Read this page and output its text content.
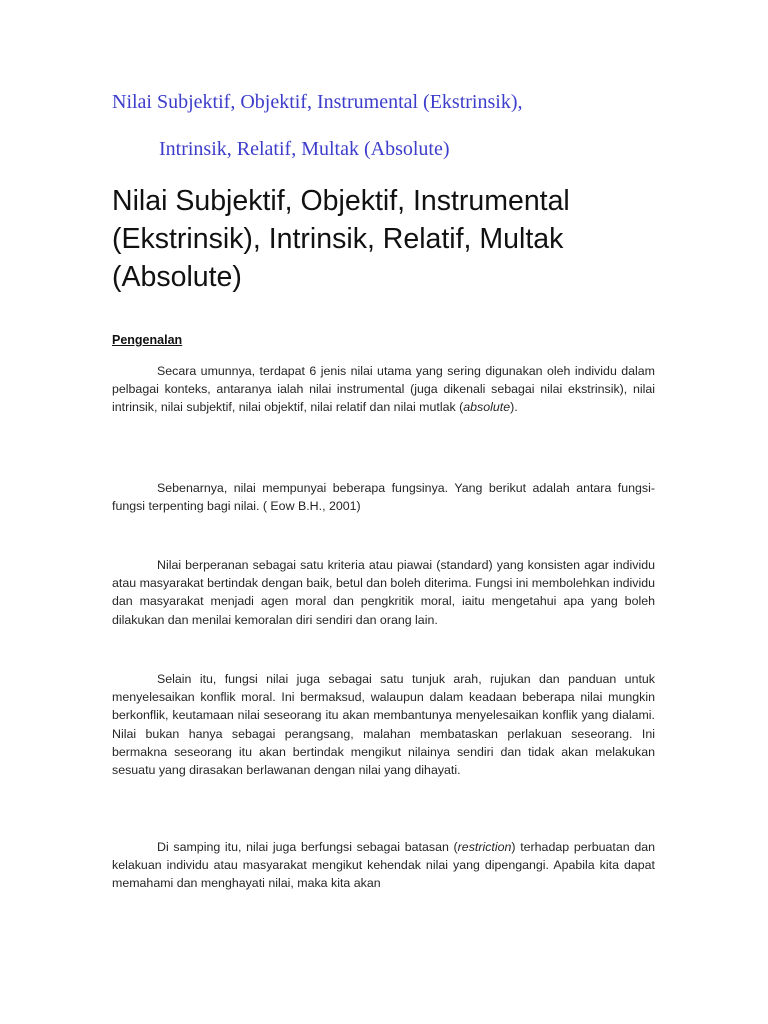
Nilai Subjektif, Objektif, Instrumental (Ekstrinsik),
Intrinsik, Relatif, Multak (Absolute)
Nilai Subjektif, Objektif, Instrumental (Ekstrinsik), Intrinsik, Relatif, Multak (Absolute)
Pengenalan

Secara umunnya, terdapat 6 jenis nilai utama yang sering digunakan oleh individu dalam pelbagai konteks, antaranya ialah nilai instrumental (juga dikenali sebagai nilai ekstrinsik), nilai intrinsik, nilai subjektif, nilai objektif, nilai relatif dan nilai mutlak (absolute).

Sebenarnya, nilai mempunyai beberapa fungsinya. Yang berikut adalah antara fungsi-fungsi terpenting bagi nilai. ( Eow B.H., 2001)

Nilai berperanan sebagai satu kriteria atau piawai (standard) yang konsisten agar individu atau masyarakat bertindak dengan baik, betul dan boleh diterima. Fungsi ini membolehkan individu dan masyarakat menjadi agen moral dan pengkritik moral, iaitu mengetahui apa yang boleh dilakukan dan menilai kemoralan diri sendiri dan orang lain.

Selain itu, fungsi nilai juga sebagai satu tunjuk arah, rujukan dan panduan untuk menyelesaikan konflik moral. Ini bermaksud, walaupun dalam keadaan beberapa nilai mungkin berkonflik, keutamaan nilai seseorang itu akan membantunya menyelesaikan konflik yang dialami. Nilai bukan hanya sebagai perangsang, malahan membataskan perlakuan seseorang. Ini bermakna seseorang itu akan bertindak mengikut nilainya sendiri dan tidak akan melakukan sesuatu yang dirasakan berlawanan dengan nilai yang dihayati.

Di samping itu, nilai juga berfungsi sebagai batasan (restriction) terhadap perbuatan dan kelakuan individu atau masyarakat mengikut kehendak nilai yang dipengangi. Apabila kita dapat memahami dan menghayati nilai, maka kita akan
